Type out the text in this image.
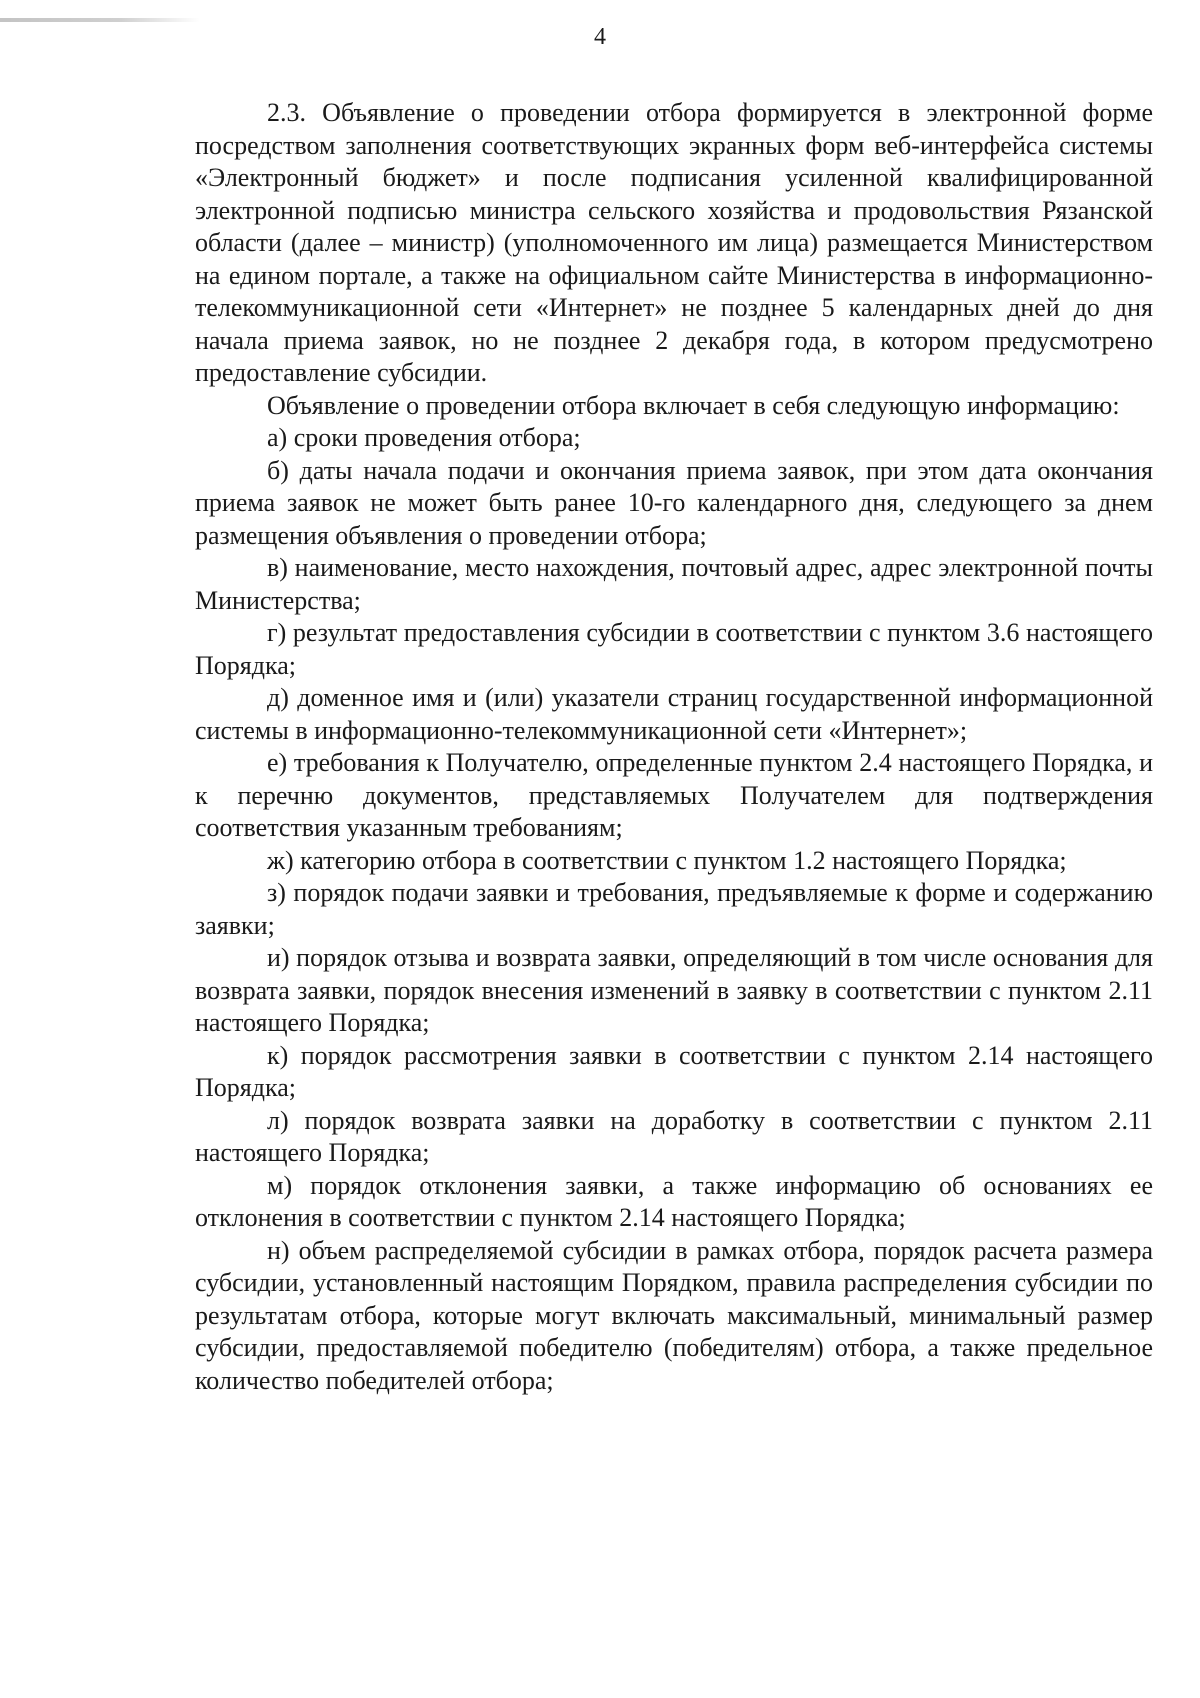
4

2.3. Объявление о проведении отбора формируется в электронной форме посредством заполнения соответствующих экранных форм веб-интерфейса системы «Электронный бюджет» и после подписания усиленной квалифицированной электронной подписью министра сельского хозяйства и продовольствия Рязанской области (далее – министр) (уполномоченного им лица) размещается Министерством на едином портале, а также на официальном сайте Министерства в информационно-телекоммуникационной сети «Интернет» не позднее 5 календарных дней до дня начала приема заявок, но не позднее 2 декабря года, в котором предусмотрено предоставление субсидии.

Объявление о проведении отбора включает в себя следующую информацию:

а) сроки проведения отбора;

б) даты начала подачи и окончания приема заявок, при этом дата окончания приема заявок не может быть ранее 10-го календарного дня, следующего за днем размещения объявления о проведении отбора;

в) наименование, место нахождения, почтовый адрес, адрес электронной почты Министерства;

г) результат предоставления субсидии в соответствии с пунктом 3.6 настоящего Порядка;

д) доменное имя и (или) указатели страниц государственной информационной системы в информационно-телекоммуникационной сети «Интернет»;

е) требования к Получателю, определенные пунктом 2.4 настоящего Порядка, и к перечню документов, представляемых Получателем для подтверждения соответствия указанным требованиям;

ж) категорию отбора в соответствии с пунктом 1.2 настоящего Порядка;

з) порядок подачи заявки и требования, предъявляемые к форме и содержанию заявки;

и) порядок отзыва и возврата заявки, определяющий в том числе основания для возврата заявки, порядок внесения изменений в заявку в соответствии с пунктом 2.11 настоящего Порядка;

к) порядок рассмотрения заявки в соответствии с пунктом 2.14 настоящего Порядка;

л) порядок возврата заявки на доработку в соответствии с пунктом 2.11 настоящего Порядка;

м) порядок отклонения заявки, а также информацию об основаниях ее отклонения в соответствии с пунктом 2.14 настоящего Порядка;

н) объем распределяемой субсидии в рамках отбора, порядок расчета размера субсидии, установленный настоящим Порядком, правила распределения субсидии по результатам отбора, которые могут включать максимальный, минимальный размер субсидии, предоставляемой победителю (победителям) отбора, а также предельное количество победителей отбора;
